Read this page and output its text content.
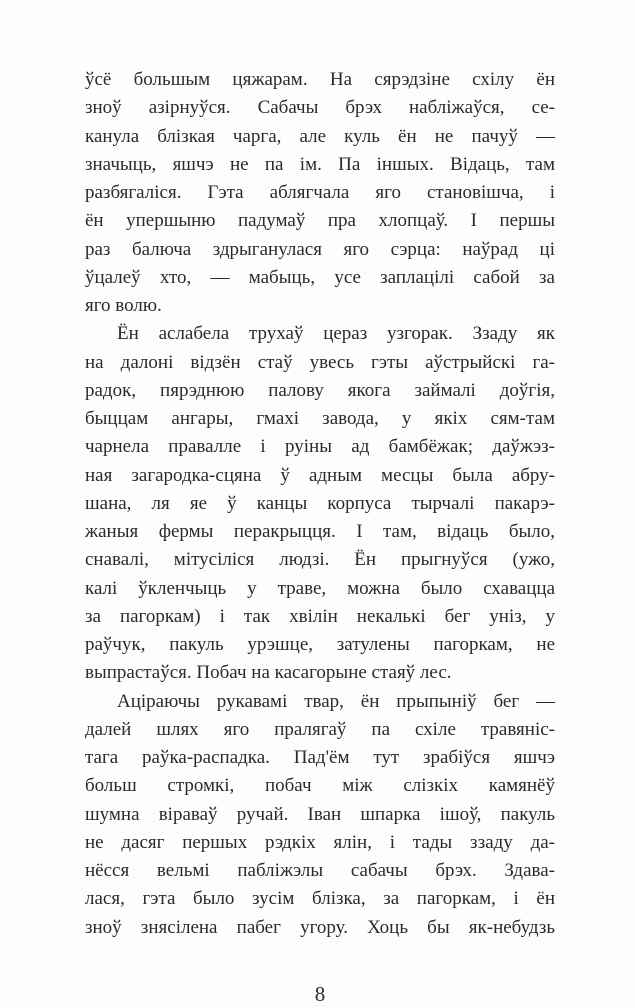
ўсё большым цяжарам. На сярэдзіне схілу ён
зноў азірнуўся. Сабачы брэх набліжаўся, се-
канула блізкая чарга, але куль ён не пачуў —
значыць, яшчэ не па ім. Па іншых. Відаць, там
разбягаліся. Гэта аблягчала яго становішча, і
ён упершыню падумаў пра хлопцаў. І першы
раз балюча здрыганулася яго сэрца: наўрад ці
ўцалеў хто, — мабыць, усе заплацілі сабой за
яго волю.
Ён аслабела трухаў цераз узгорак. Ззаду як
на далоні відзён стаў увесь гэты аўстрыйскі га-
радок, пярэднюю палову якога займалі доўгія,
быццам ангары, гмахі завода, у якіх сям-там
чарнела правалле і руіны ад бамбёжак; даўжэз-
ная загародка-сцяна ў адным месцы была абру-
шана, ля яе ў канцы корпуса тырчалі пакарэ-
жаныя фермы перакрыцця. І там, відаць было,
снавалі, мітусіліся людзі. Ён прыгнуўся (ужо,
калі ўкленчыць у траве, можна было схавацца
за пагоркам) і так хвілін некалькі бег уніз, у
раўчук, пакуль урэшце, затулены пагоркам, не
выпрастаўся. Побач на касагорыне стаяў лес.
Аціраючы рукавамі твар, ён прыпыніў бег —
далей шлях яго пралягаў па схіле травяніс-
тага раўка-распадка. Пад'ём тут зрабіўся яшчэ
больш стромкі, побач між слізкіх камянёў
шумна віраваў ручай. Іван шпарка ішоў, пакуль
не дасяг першых рэдкіх ялін, і тады ззаду да-
нёсся вельмі пабліжэлы сабачы брэх. Здава-
лася, гэта было зусім блізка, за пагоркам, і ён
зноў знясілена пабег угору. Хоць бы як-небудзь
8
